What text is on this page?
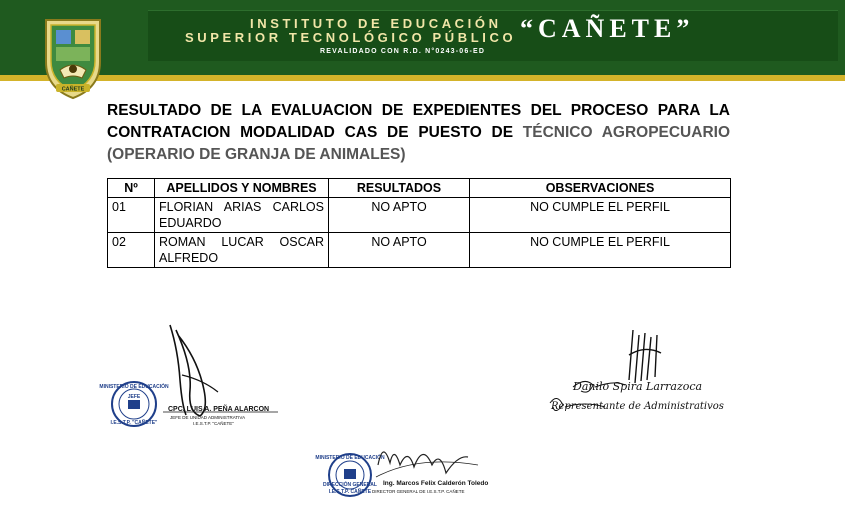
INSTITUTO DE EDUCACIÓN
SUPERIOR TECNOLÓGICO PÚBLICO “CAÑETE”
REVALIDADO CON R.D. N°0243-06-ED
CAÑETE
RESULTADO DE LA EVALUACION DE EXPEDIENTES DEL PROCESO PARA LA CONTRATACION MODALIDAD CAS DE PUESTO DE TÉCNICO AGROPECUARIO (OPERARIO DE GRANJA DE ANIMALES)
Nº	APELLIDOS Y NOMBRES	RESULTADOS	OBSERVACIONES
01	FLORIAN ARIAS CARLOS EDUARDO	NO APTO	NO CUMPLE EL PERFIL
02	ROMAN LUCAR OSCAR ALFREDO	NO APTO	NO CUMPLE EL PERFIL
MINISTERIO DE EDUCACIÓN
JEFE
I.E.S.T.P. "CAÑETE"
CPC. LUIS A. PEÑA ALARCON
JEFE DE UNIDAD ADMINISTRATIVA
I.E.S.T.P. "CAÑETE"
Danilo Spira Larrazoca
Representante de Administrativos
MINISTERIO DE EDUCACIÓN
DIRECCIÓN GENERAL
I.E.S.T.P. CAÑETE
Ing. Marcos Felix Calderón Toledo
DIRECTOR GENERAL DE I.E.S.T.P. CAÑETE
